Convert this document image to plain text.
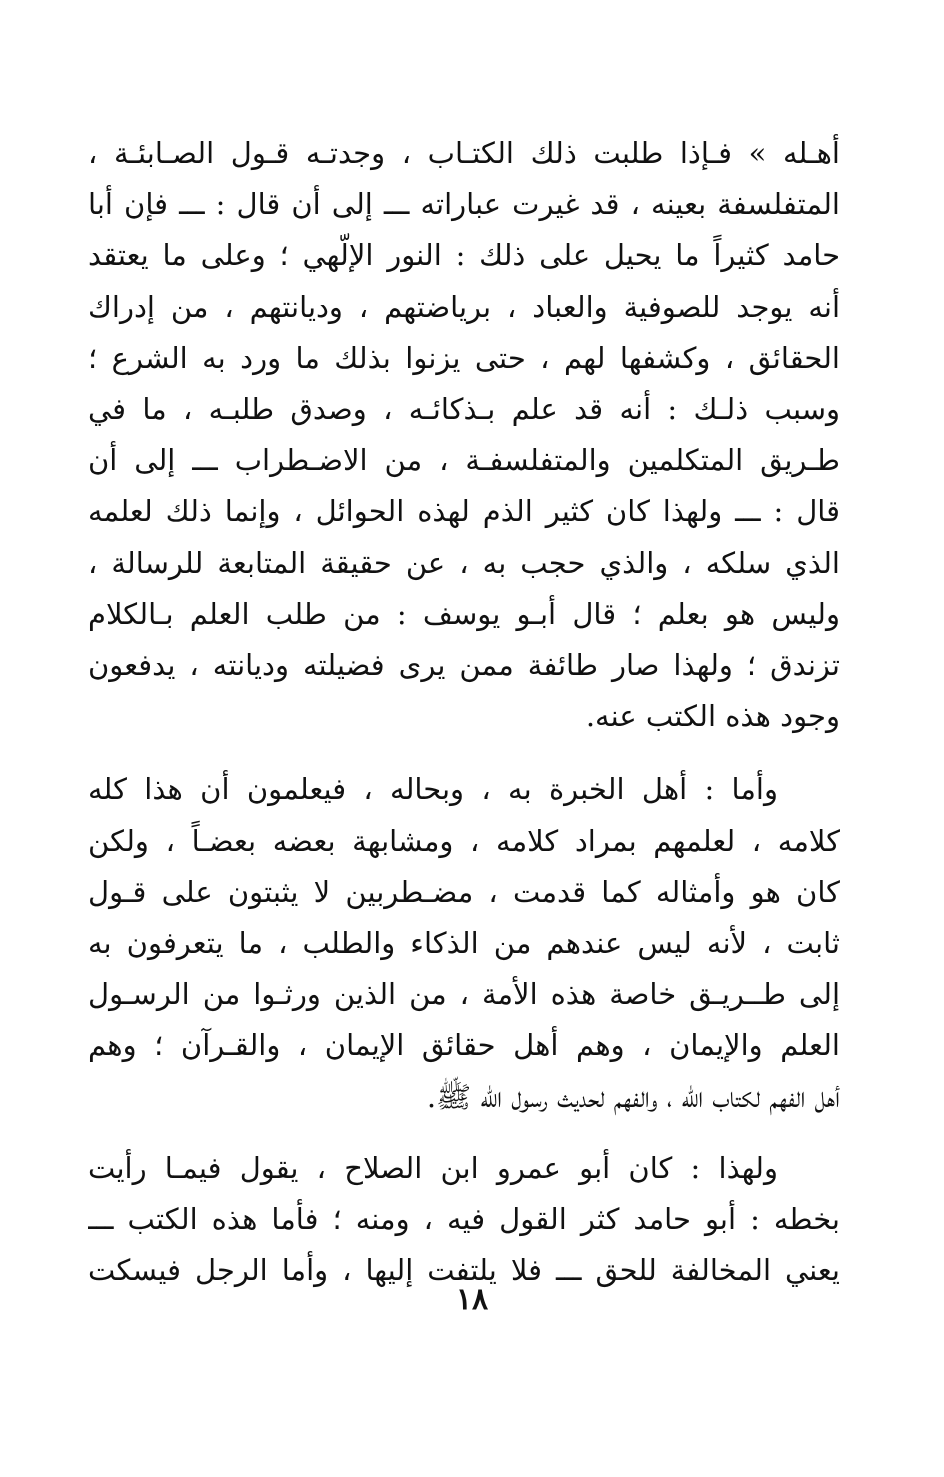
أهـله » فـإذا طلبت ذلك الكتـاب ، وجدتـه قـول الصـابئـة ،
المتفلسفة بعينه ، قد غيرت عباراته ـــ إلى أن قال : ـــ فإن أبا
حامد كثيراً ما يحيل على ذلك : النور الإلّهي ؛ وعلى ما يعتقد
أنه يوجد للصوفية والعباد ، برياضتهم ، وديانتهم ، من إدراك
الحقائق ، وكشفها لهم ، حتى يزنوا بذلك ما ورد به الشرع ؛
وسبب ذلـك : أنه قد علم بـذكائـه ، وصدق طلبـه ، ما في
طـريق المتكلمين والمتفلسفـة ، من الاضـطراب ـــ إلى أن
قال : ـــ ولهذا كان كثير الذم لهذه الحوائل ، وإنما ذلك لعلمه
الذي سلكه ، والذي حجب به ، عن حقيقة المتابعة للرسالة ،
وليس هو بعلم ؛ قال أبـو يوسف : من طلب العلم بـالكلام
تزندق ؛ ولهذا صار طائفة ممن يرى فضيلته وديانته ، يدفعون
وجود هذه الكتب عنه.

وأما : أهل الخبرة به ، وبحاله ، فيعلمون أن هذا كله
كلامه ، لعلمهم بمراد كلامه ، ومشابهة بعضه بعضـاً ، ولكن
كان هو وأمثاله كما قدمت ، مضـطربين لا يثبتون على قـول
ثابت ، لأنه ليس عندهم من الذكاء والطلب ، ما يتعرفون به
إلى طــريـق خاصة هذه الأمة ، من الذين ورثـوا من الرسـول
العلم والإيمان ، وهم أهل حقائق الإيمان ، والقـرآن ؛ وهم
أهل الفهم لكتاب الله ، والفهم لحديث رسول الله ﷺ.

ولهذا : كان أبو عمرو ابن الصلاح ، يقول فيمـا رأيت
بخطه : أبو حامد كثر القول فيه ، ومنه ؛ فأما هذه الكتب ـــ
يعني المخالفة للحق ـــ فلا يلتفت إليها ، وأما الرجل فيسكت

١٨
